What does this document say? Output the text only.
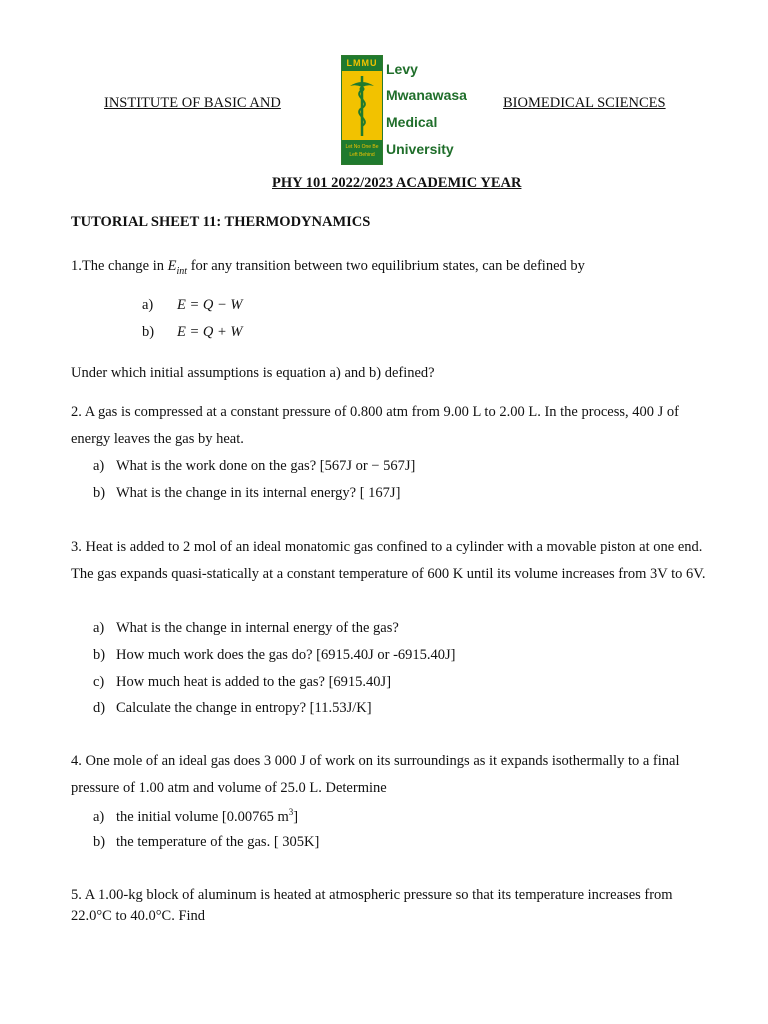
INSTITUTE OF BASIC AND	BIOMEDICAL SCIENCES
LMMU
Let No One Be
Left Behind
Levy
Mwanawasa
Medical
University
PHY 101 2022/2023 ACADEMIC YEAR
TUTORIAL SHEET 11: THERMODYNAMICS
1.The change in $E_{int}$ for any transition between two equilibrium states, can be defined by
a) E = Q − W
b) E = Q + W
Under which initial assumptions is equation a) and b) defined?
2. A gas is compressed at a constant pressure of 0.800 atm from 9.00 L to 2.00 L. In the process, 400 J of
energy leaves the gas by heat.
a) What is the work done on the gas? [567J or − 567J]
b) What is the change in its internal energy? [ 167J]
3. Heat is added to 2 mol of an ideal monatomic gas confined to a cylinder with a movable piston at one end.
The gas expands quasi-statically at a constant temperature of 600 K until its volume increases from 3V to 6V.
a) What is the change in internal energy of the gas?
b) How much work does the gas do? [6915.40J or -6915.40J]
c) How much heat is added to the gas? [6915.40J]
d) Calculate the change in entropy? [11.53J/K]
4. One mole of an ideal gas does 3 000 J of work on its surroundings as it expands isothermally to a final
pressure of 1.00 atm and volume of 25.0 L. Determine
a) the initial volume [0.00765 $m^3$]
b) the temperature of the gas. [ 305K]
5. A 1.00-kg block of aluminum is heated at atmospheric pressure so that its temperature increases from
22.0°C to 40.0°C. Find
